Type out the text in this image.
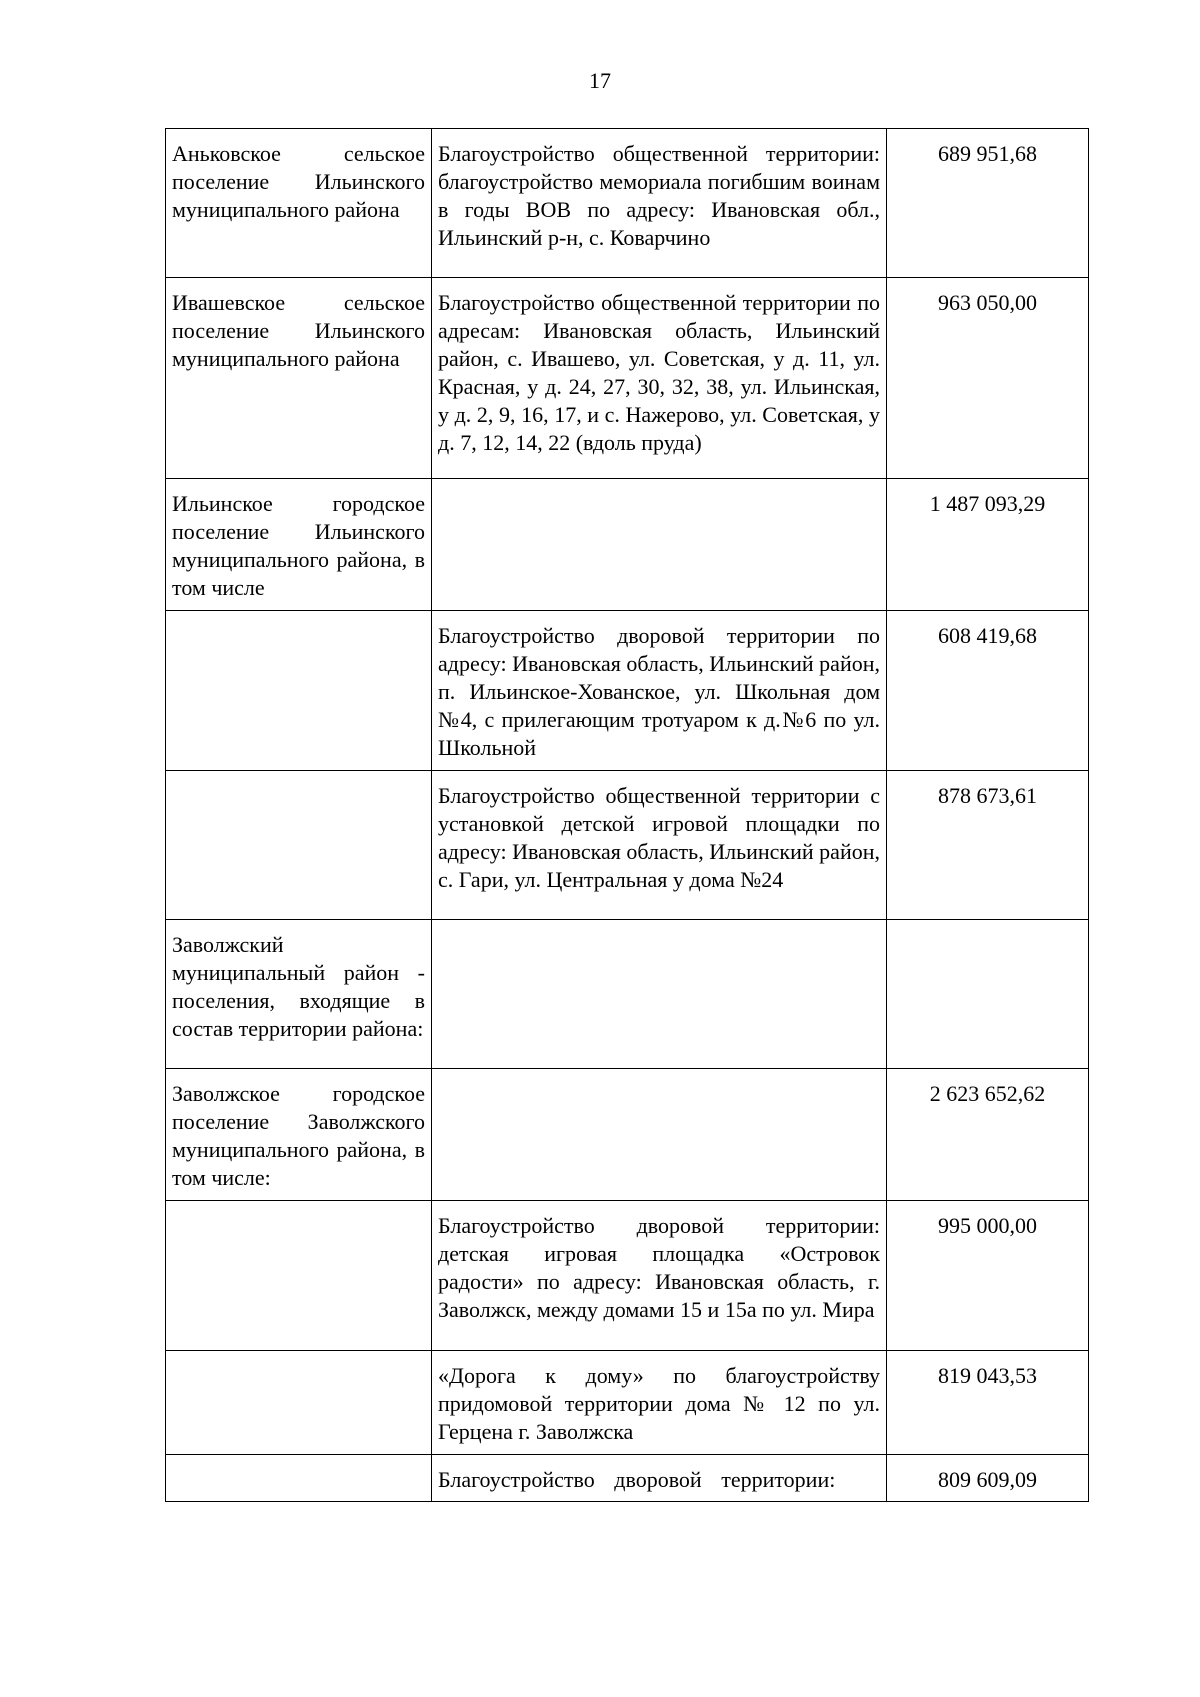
17
Аньковское сельское поселение Ильинского муниципального района	Благоустройство общественной территории: благоустройство мемориала погибшим воинам в годы ВОВ по адресу: Ивановская обл., Ильинский р-н, с. Коварчино	689 951,68
Ивашевское сельское поселение Ильинского муниципального района	Благоустройство общественной территории по адресам: Ивановская область, Ильинский район, с. Ивашево, ул. Советская, у д. 11, ул. Красная, у д. 24, 27, 30, 32, 38, ул. Ильинская, у д. 2, 9, 16, 17, и с. Нажерово, ул. Советская, у д. 7, 12, 14, 22 (вдоль пруда)	963 050,00
Ильинское городское поселение Ильинского муниципального района, в том числе		1 487 093,29
	Благоустройство дворовой территории по адресу: Ивановская область, Ильинский район, п. Ильинское-Хованское, ул. Школьная дом №4, с прилегающим тротуаром к д.№6 по ул. Школьной	608 419,68
	Благоустройство общественной территории с установкой детской игровой площадки по адресу: Ивановская область, Ильинский район, с. Гари, ул. Центральная у дома №24	878 673,61
Заволжский муниципальный район - поселения, входящие в состав территории района:		
Заволжское городское поселение Заволжского муниципального района, в том числе:		2 623 652,62
	Благоустройство дворовой территории: детская игровая площадка «Островок радости» по адресу: Ивановская область, г. Заволжск, между домами 15 и 15а по ул. Мира	995 000,00
	«Дорога к дому» по благоустройству придомовой территории дома № 12 по ул. Герцена г. Заволжска	819 043,53
	Благоустройство дворовой территории:	809 609,09
